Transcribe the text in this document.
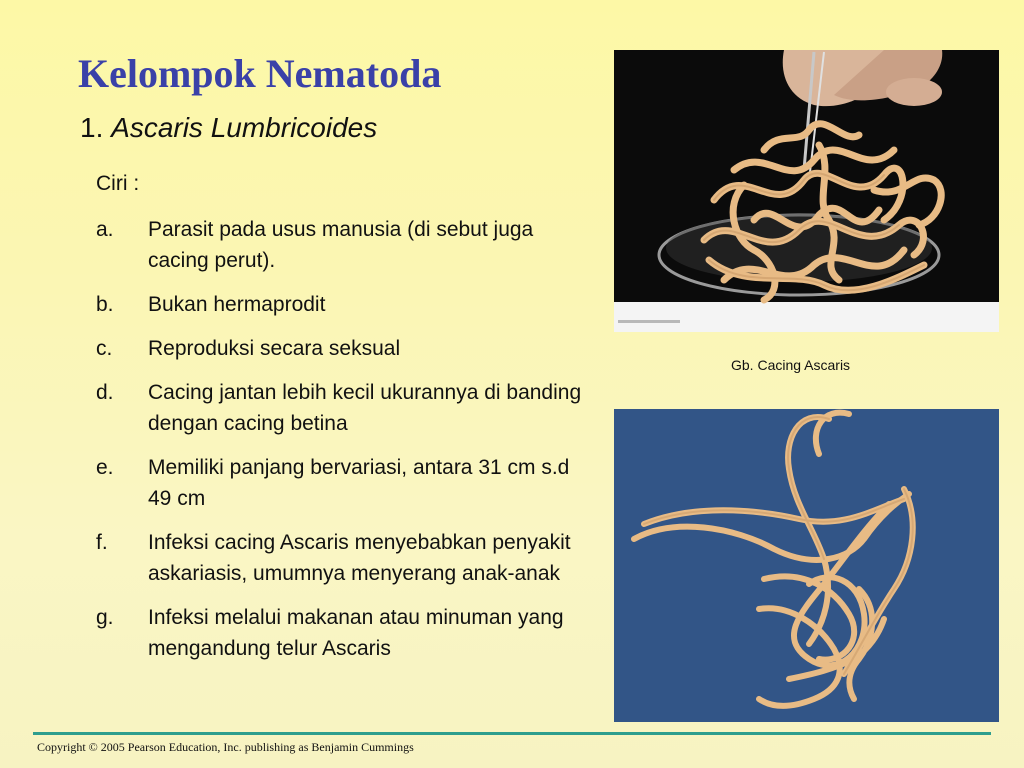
Kelompok Nematoda
1. Ascaris Lumbricoides
Ciri :
a.	Parasit pada usus manusia (di sebut juga cacing perut).
b.	Bukan hermaprodit
c.	Reproduksi secara seksual
d.	Cacing jantan lebih kecil ukurannya di banding dengan cacing betina
e.	Memiliki panjang bervariasi, antara 31 cm s.d 49 cm
f.	Infeksi cacing Ascaris menyebabkan penyakit askariasis, umumnya menyerang anak-anak
g.	Infeksi melalui makanan atau minuman yang mengandung telur Ascaris
Gb. Cacing Ascaris
Copyright © 2005 Pearson Education, Inc. publishing as Benjamin Cummings
